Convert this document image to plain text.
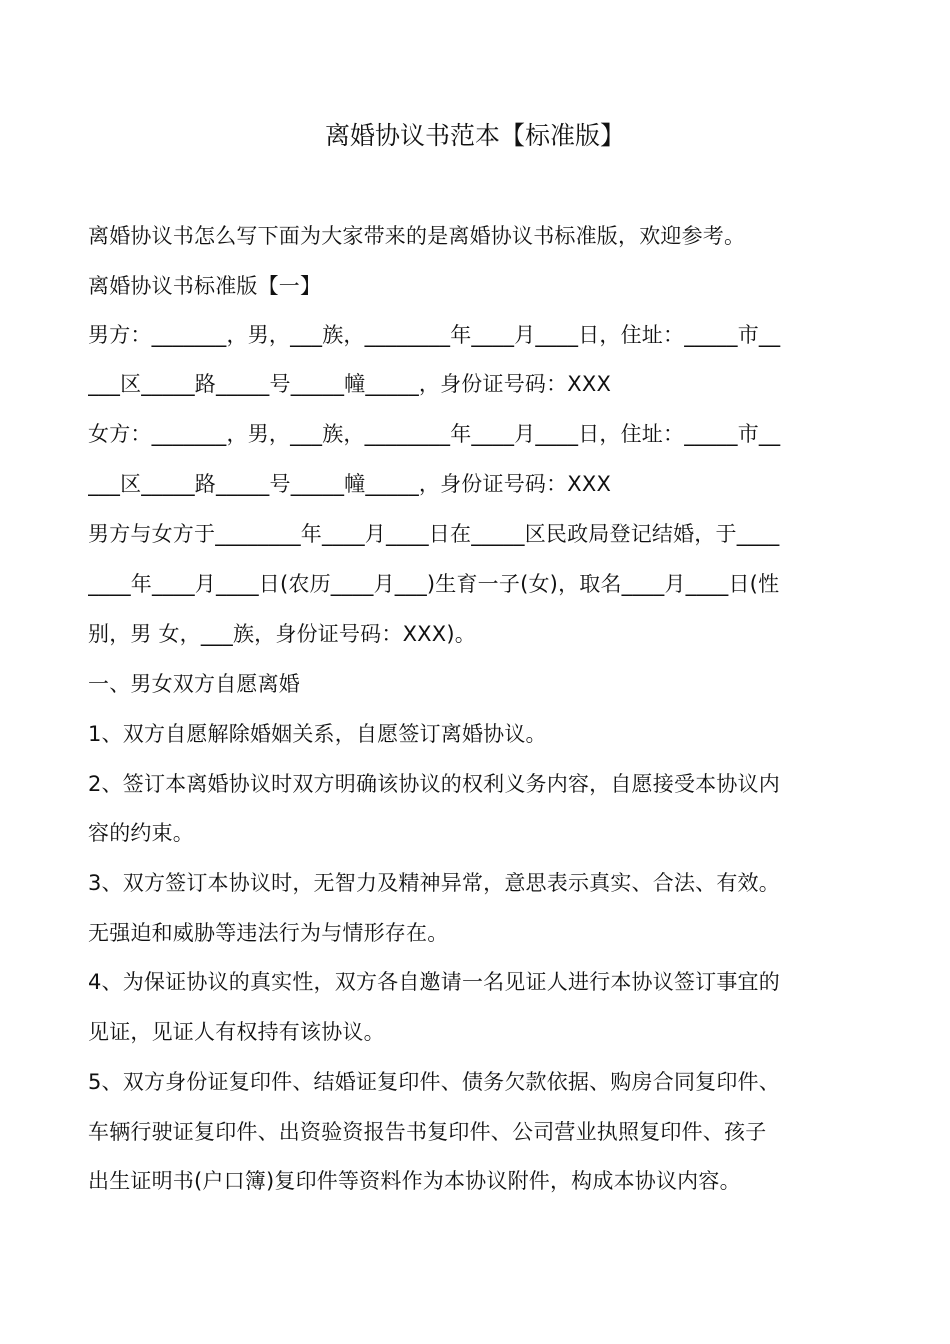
离婚协议书范本【标准版】
离婚协议书怎么写下面为大家带来的是离婚协议书标准版，欢迎参考。
离婚协议书标准版【一】
男方：_______，男，___族，________年____月____日，住址：_____市__
___区_____路_____号_____幢_____，身份证号码：XXX
女方：_______，男，___族，________年____月____日，住址：_____市__
___区_____路_____号_____幢_____，身份证号码：XXX
男方与女方于________年____月____日在_____区民政局登记结婚，于____
____年____月____日(农历____月___)生育一子(女)，取名____月____日(性
别，男 女，___族，身份证号码：XXX)。
一、男女双方自愿离婚
1、双方自愿解除婚姻关系，自愿签订离婚协议。
2、签订本离婚协议时双方明确该协议的权利义务内容，自愿接受本协议内
容的约束。
3、双方签订本协议时，无智力及精神异常，意思表示真实、合法、有效。
无强迫和威胁等违法行为与情形存在。
4、为保证协议的真实性，双方各自邀请一名见证人进行本协议签订事宜的
见证，见证人有权持有该协议。
5、双方身份证复印件、结婚证复印件、债务欠款依据、购房合同复印件、
车辆行驶证复印件、出资验资报告书复印件、公司营业执照复印件、孩子
出生证明书(户口簿)复印件等资料作为本协议附件，构成本协议内容。
